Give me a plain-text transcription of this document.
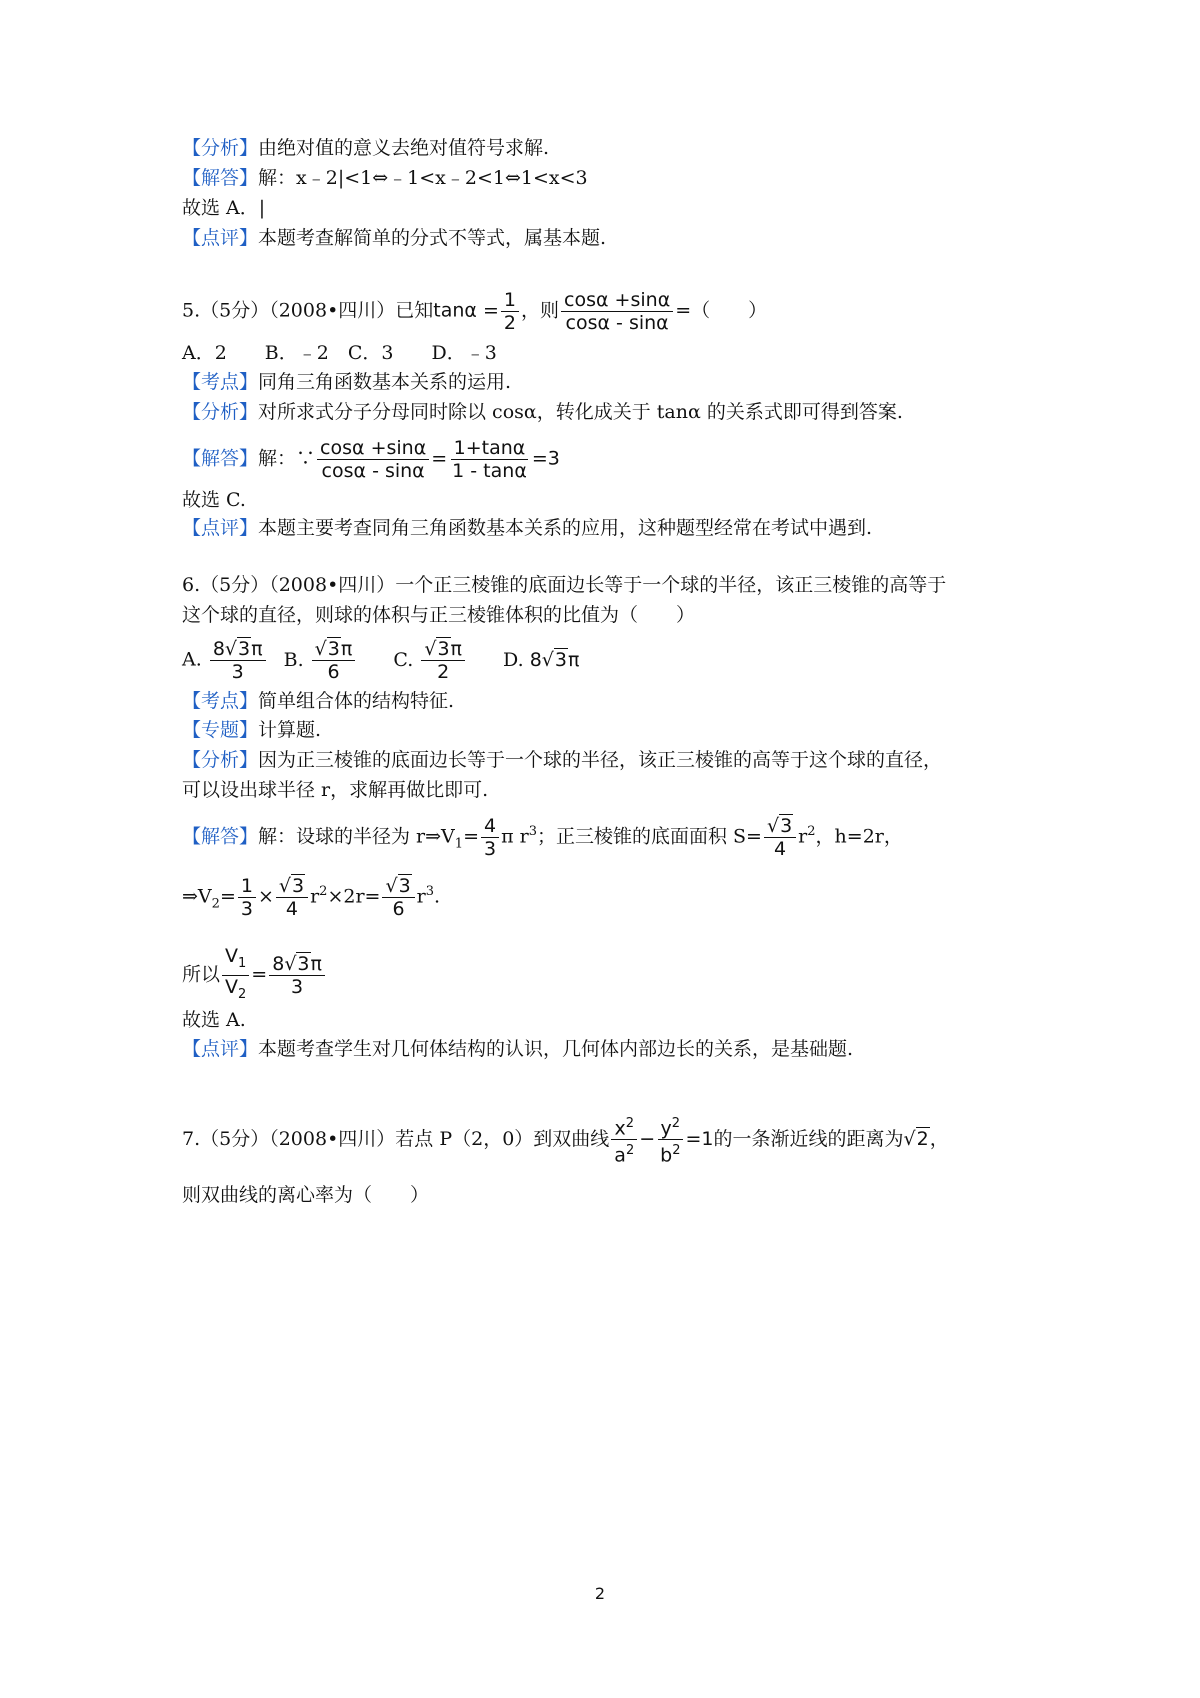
【分析】由绝对值的意义去绝对值符号求解.
【解答】解：x﹣2|<1⇔﹣1<x﹣2<1⇔1<x<3
故选 A．|
【点评】本题考查解简单的分式不等式，属基本题.
5.（5分）（2008•四川）已知$\tan\alpha = \frac{1}{2}$ ，则 $\frac{\cos\alpha +\sin\alpha}{\cos\alpha - \sin\alpha}$ =（　　）
A．2　　B．﹣2　C．3　　D．﹣3
【考点】同角三角函数基本关系的运用.
【分析】对所求式分子分母同时除以 cosα，转化成关于 tanα 的关系式即可得到答案.
【解答】解：∵ $\frac{\cos\alpha +\sin\alpha}{\cos\alpha - \sin\alpha} = \frac{1+\tan\alpha}{1 - \tan\alpha} =3$
故选 C.
【点评】本题主要考查同角三角函数基本关系的应用，这种题型经常在考试中遇到.
6.（5分）（2008•四川）一个正三棱锥的底面边长等于一个球的半径，该正三棱锥的高等于
这个球的直径，则球的体积与正三棱锥体积的比值为（　　）
A. $\frac{8√3\pi}{3} B$. $\frac{√3\pi}{6} C$. $\frac{√3\pi}{2} D$. 8√3π
【考点】简单组合体的结构特征.
【专题】计算题.
【分析】因为正三棱锥的底面边长等于一个球的半径，该正三棱锥的高等于这个球的直径，
可以设出球半径 r，求解再做比即可.
【解答】解：设球的半径为 $r\Rightarrow V_1= \frac{4}{3}$ π $r^3$；正三棱锥的底面面积 $S= \frac{√3}{4} r^2$，h=2r，
$\Rightarrow V_2= \frac{1}{3} \times \frac{√3}{4} r^2\times 2r= \frac{√3}{6} r^3$.
所以 $\frac{V_1}{V_2} = \frac{8√3\pi}{3}$
故选 A.
【点评】本题考查学生对几何体结构的认识，几何体内部边长的关系，是基础题.
7.（5分）（2008•四川）若点 P（2，0）到双曲线 $\frac{x^2}{a^2} - \frac{y^2}{b^2} =1$的一条渐近线的距离为√2，
则双曲线的离心率为（　　）
2
